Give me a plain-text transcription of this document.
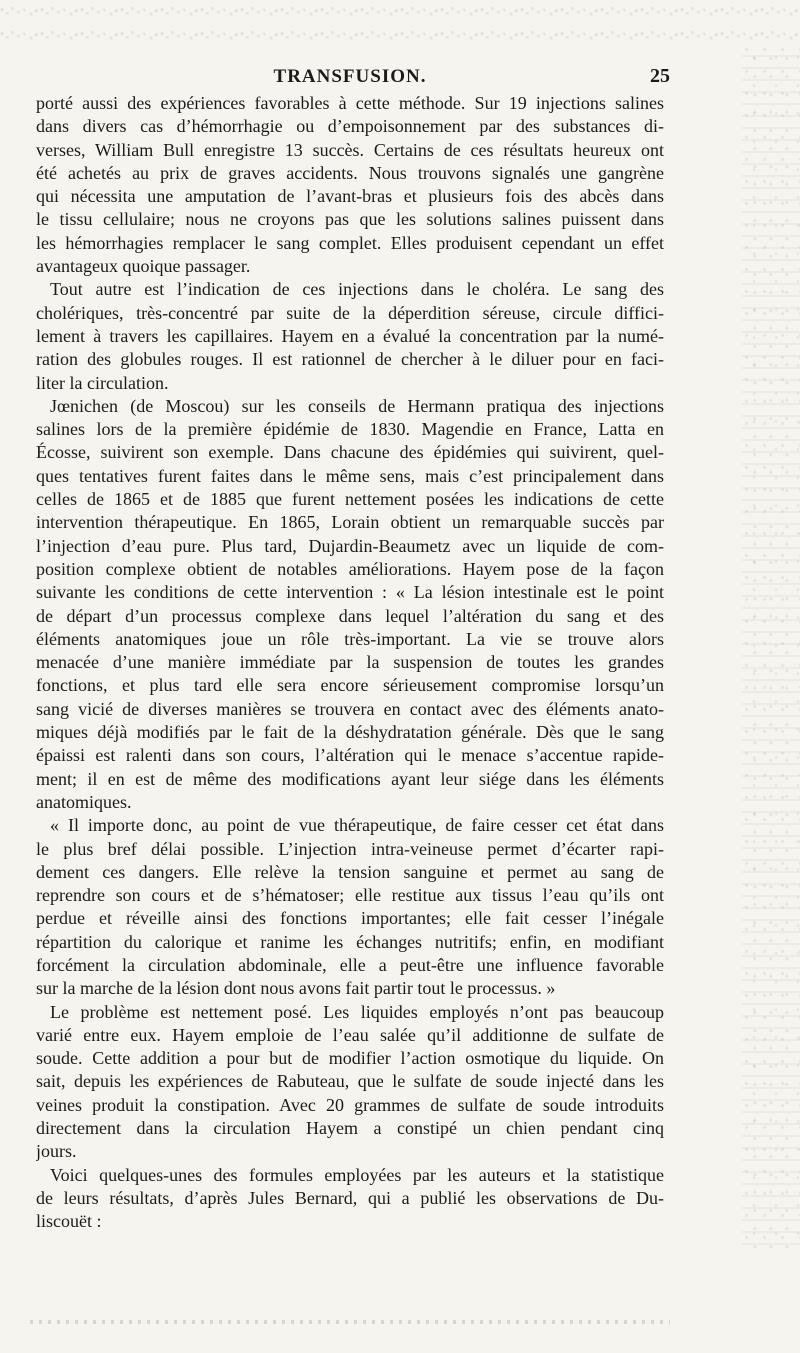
TRANSFUSION.	25
porté aussi des expériences favorables à cette méthode. Sur 19 injections salines
dans divers cas d’hémorrhagie ou d’empoisonnement par des substances di-
verses, William Bull enregistre 13 succès. Certains de ces résultats heureux ont
été achetés au prix de graves accidents. Nous trouvons signalés une gangrène
qui nécessita une amputation de l’avant-bras et plusieurs fois des abcès dans
le tissu cellulaire; nous ne croyons pas que les solutions salines puissent dans
les hémorrhagies remplacer le sang complet. Elles produisent cependant un effet
avantageux quoique passager.
Tout autre est l’indication de ces injections dans le choléra. Le sang des
cholériques, très-concentré par suite de la déperdition séreuse, circule diffici-
lement à travers les capillaires. Hayem en a évalué la concentration par la numé-
ration des globules rouges. Il est rationnel de chercher à le diluer pour en faci-
liter la circulation.
Jœnichen (de Moscou) sur les conseils de Hermann pratiqua des injections
salines lors de la première épidémie de 1830. Magendie en France, Latta en
Écosse, suivirent son exemple. Dans chacune des épidémies qui suivirent, quel-
ques tentatives furent faites dans le même sens, mais c’est principalement dans
celles de 1865 et de 1885 que furent nettement posées les indications de cette
intervention thérapeutique. En 1865, Lorain obtient un remarquable succès par
l’injection d’eau pure. Plus tard, Dujardin-Beaumetz avec un liquide de com-
position complexe obtient de notables améliorations. Hayem pose de la façon
suivante les conditions de cette intervention : « La lésion intestinale est le point
de départ d’un processus complexe dans lequel l’altération du sang et des
éléments anatomiques joue un rôle très-important. La vie se trouve alors
menacée d’une manière immédiate par la suspension de toutes les grandes
fonctions, et plus tard elle sera encore sérieusement compromise lorsqu’un
sang vicié de diverses manières se trouvera en contact avec des éléments anato-
miques déjà modifiés par le fait de la déshydratation générale. Dès que le sang
épaissi est ralenti dans son cours, l’altération qui le menace s’accentue rapide-
ment; il en est de même des modifications ayant leur siége dans les éléments
anatomiques.
« Il importe donc, au point de vue thérapeutique, de faire cesser cet état dans
le plus bref délai possible. L’injection intra-veineuse permet d’écarter rapi-
dement ces dangers. Elle relève la tension sanguine et permet au sang de
reprendre son cours et de s’hématoser; elle restitue aux tissus l’eau qu’ils ont
perdue et réveille ainsi des fonctions importantes; elle fait cesser l’inégale
répartition du calorique et ranime les échanges nutritifs; enfin, en modifiant
forcément la circulation abdominale, elle a peut-être une influence favorable
sur la marche de la lésion dont nous avons fait partir tout le processus. »
Le problème est nettement posé. Les liquides employés n’ont pas beaucoup
varié entre eux. Hayem emploie de l’eau salée qu’il additionne de sulfate de
soude. Cette addition a pour but de modifier l’action osmotique du liquide. On
sait, depuis les expériences de Rabuteau, que le sulfate de soude injecté dans les
veines produit la constipation. Avec 20 grammes de sulfate de soude introduits
directement dans la circulation Hayem a constipé un chien pendant cinq
jours.
Voici quelques-unes des formules employées par les auteurs et la statistique
de leurs résultats, d’après Jules Bernard, qui a publié les observations de Du-
liscouët :
